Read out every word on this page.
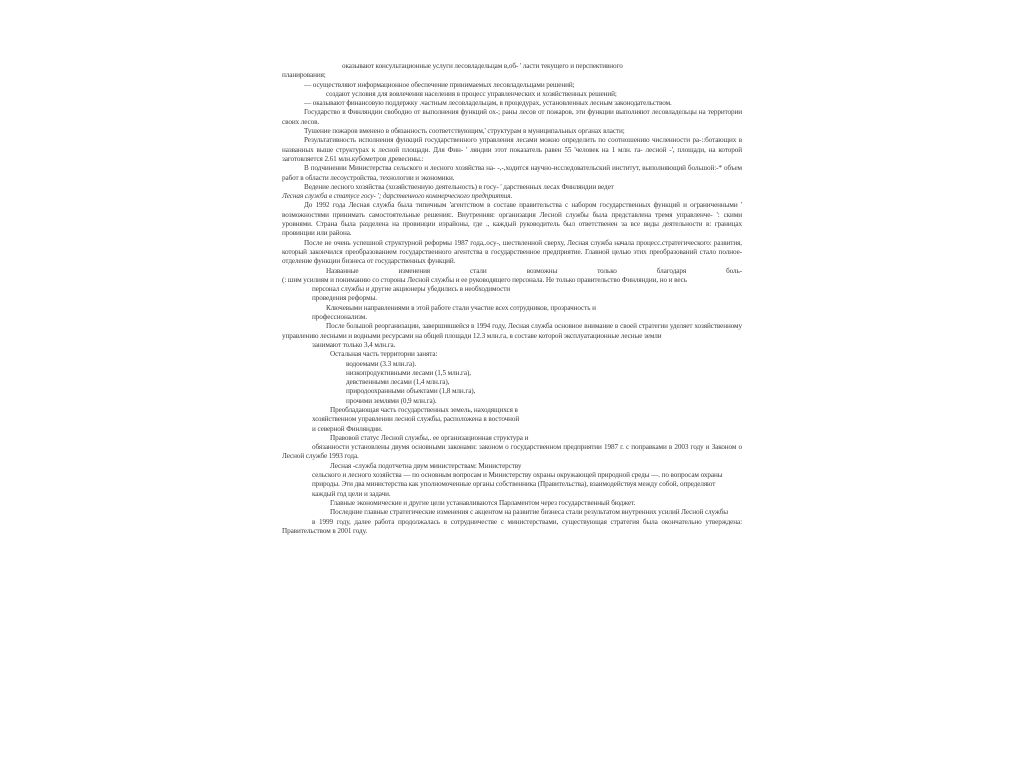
оказывают консультационные услуги лесовладельцам в,об- ' ласти текущего и перспективного

планирования;

— осуществляют информационное обеспечение принимаемых лесовладельцами решений;

создают условия для вовлечения населения в процесс управленческих и хозяйственных решений;

— оказывают финансовую поддержку .частным лесовладельцам, в процедурах, установленных лесным законодательством.

Государство в Финляндии свободно от выполнения функций ох-; раны лесов от пожаров, эти функции выполняют лесовладельцы на территории своих лесов.

Тушение пожаров вменено в обязанность соответствующим,' структурам в муниципальных органах власти;

Результативность исполнения функций государственного управления лесами можно определить по соотношению численности ра-::ботающих в названных выше структурах к лесной площади. Для Фин- ' ляндии этот показатель равен 55 'человек на 1 млн. га- лесной -', площади, на которой заготовляется 2.61 млн.кубометров древесины.:

В подчинении Министерства сельского и лесного хозяйства на- -,-,ходится научно-исследовательский институт, выполняющий большой:-* объем работ в области лесоустройства, технологии и экономики.

Ведение лесного хозяйства (хозяйственную деятельность) в госу- ' дарственных лесах Финляндии ведет

Лесная служба в статусе госу- '; дарственного коммерческого предприятия.

До 1992 года Лесная служба была типичным 'агентством в составе правительства с набором государственных функций и ограниченными ' возможностями принимать самостоятельные решения:. Внутренняя: организация Лесной службы была представлена тремя управленче- ': скими уровнями. Страна была разделена на провинции иэрайоны, где ., каждый руководитель был ответственен за все виды деятельности в: границах провинции или района.

После не очень успешной структурной реформы 1987 года,.осу-, шествленной сверху, Лесная служба начала процесс.стратегического: развития, который закончился преобразованием государственного агентства в государственное предприятие. Главной целью этих преобразований стало полное-отделение функции бизнеса от государственных функций.

Названные изменения стали возможны только благодаря боль-

(: шим усилиям и пониманию со стороны Лесной службы и ее руководящего персонала. Не только правительство Финляндии, но и весь

персонал службы и другие акционеры убедились в необходимости

проведения реформы.

Ключевыми направлениями в этой работе стали участие всех сотрудников, прозрачность и

профессионализм.

После большой реорганизации, завершившейся в 1994 году, Лесная служба основное внимание в своей стратегии уделяет хозяйственному управлению лесными и водными ресурсами на общей площади 12.3 млн.га, в составе которой эксплуатационные лесные земли

занимают только 3,4 млн.га.

Остальная часть территории занята:

водоемами (3.3 млн.га).

низкопродуктивными лесами (1,5 млн.га),

девственными лесами (1,4 млн.га),

природоохранными объектами (1,8 млн.га),

прочими землями (0,9 млн.га).

Преобладающая часть государственных земель, находящихся в

хозяйственном управлении лесной службы, расположена в восточной

и северной Финляндии.

Правовой статус Лесной службы,. ее организационная структура и

обязанности установлены двумя основными законами: законом о государственном предприятии 1987 г. с поправками в 2003 году и Законом о Лесной службе 1993 года.

Лесная -служба подотчетна двум министерствам: Министерству

сельского и лесного хозяйства — по основным вопросам и Министерству охраны окружающей природной среды —. по вопросам охраны

природы. Эти два министерства как уполномоченные органы собственника (Правительства), взаимодействуя между собой, определяют

каждый год цели и задачи.

Главные экономические и другие цели устанавливаются Парламентом через государственный бюджет.

Последние главные стратегические изменения с акцентом на развитие бизнеса стали результатом внутренних усилий Лесной службы

в 1999 году, далее работа продолжалась в сотрудничестве с министерствами, существующая стратегия была окончательно утверждена: Правительством в 2001 году.
